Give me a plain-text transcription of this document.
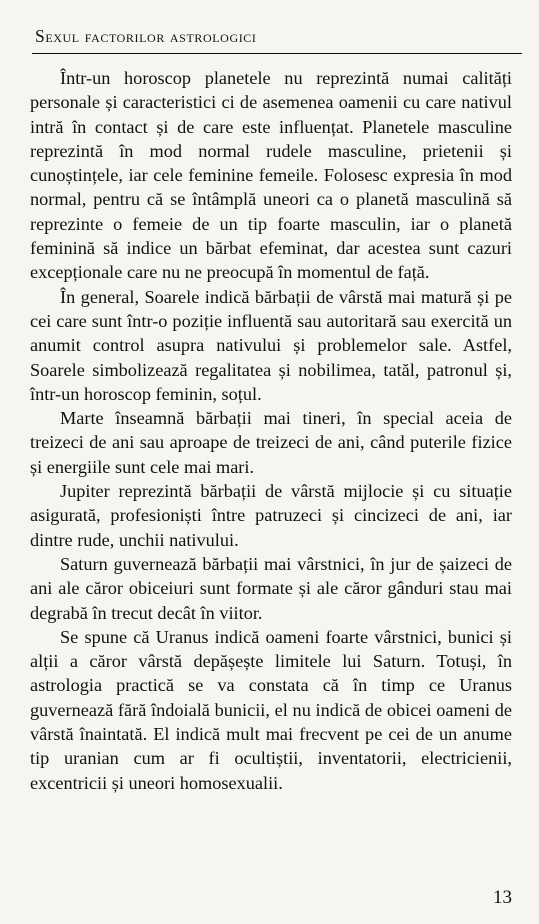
Sexul factorilor astrologici

Într-un horoscop planetele nu reprezintă numai calități personale și caracteristici ci de asemenea oamenii cu care nativul intră în contact și de care este influențat. Planetele masculine reprezintă în mod normal rudele masculine, prietenii și cunoștințele, iar cele feminine femeile. Folosesc expresia în mod normal, pentru că se întâmplă uneori ca o planetă masculină să reprezinte o femeie de un tip foarte masculin, iar o planetă feminină să indice un bărbat efeminat, dar acestea sunt cazuri excepționale care nu ne preocupă în momentul de față.

În general, Soarele indică bărbații de vârstă mai matură și pe cei care sunt într-o poziție influentă sau autoritară sau exercită un anumit control asupra nativului și problemelor sale. Astfel, Soarele simbolizează regalitatea și nobilimea, tatăl, patronul și, într-un horoscop feminin, soțul.

Marte înseamnă bărbații mai tineri, în special aceia de treizeci de ani sau aproape de treizeci de ani, când puterile fizice și energiile sunt cele mai mari.

Jupiter reprezintă bărbații de vârstă mijlocie și cu situație asigurată, profesioniști între patruzeci și cincizeci de ani, iar dintre rude, unchii nativului.

Saturn guvernează bărbații mai vârstnici, în jur de șaizeci de ani ale căror obiceiuri sunt formate și ale căror gânduri stau mai degrabă în trecut decât în viitor.

Se spune că Uranus indică oameni foarte vârstnici, bunici și alții a căror vârstă depășește limitele lui Saturn. Totuși, în astrologia practică se va constata că în timp ce Uranus guvernează fără îndoială bunicii, el nu indică de obicei oameni de vârstă înaintată. El indică mult mai frecvent pe cei de un anume tip uranian cum ar fi ocultiștii, inventatorii, electricienii, excentricii și uneori homosexualii.

13
